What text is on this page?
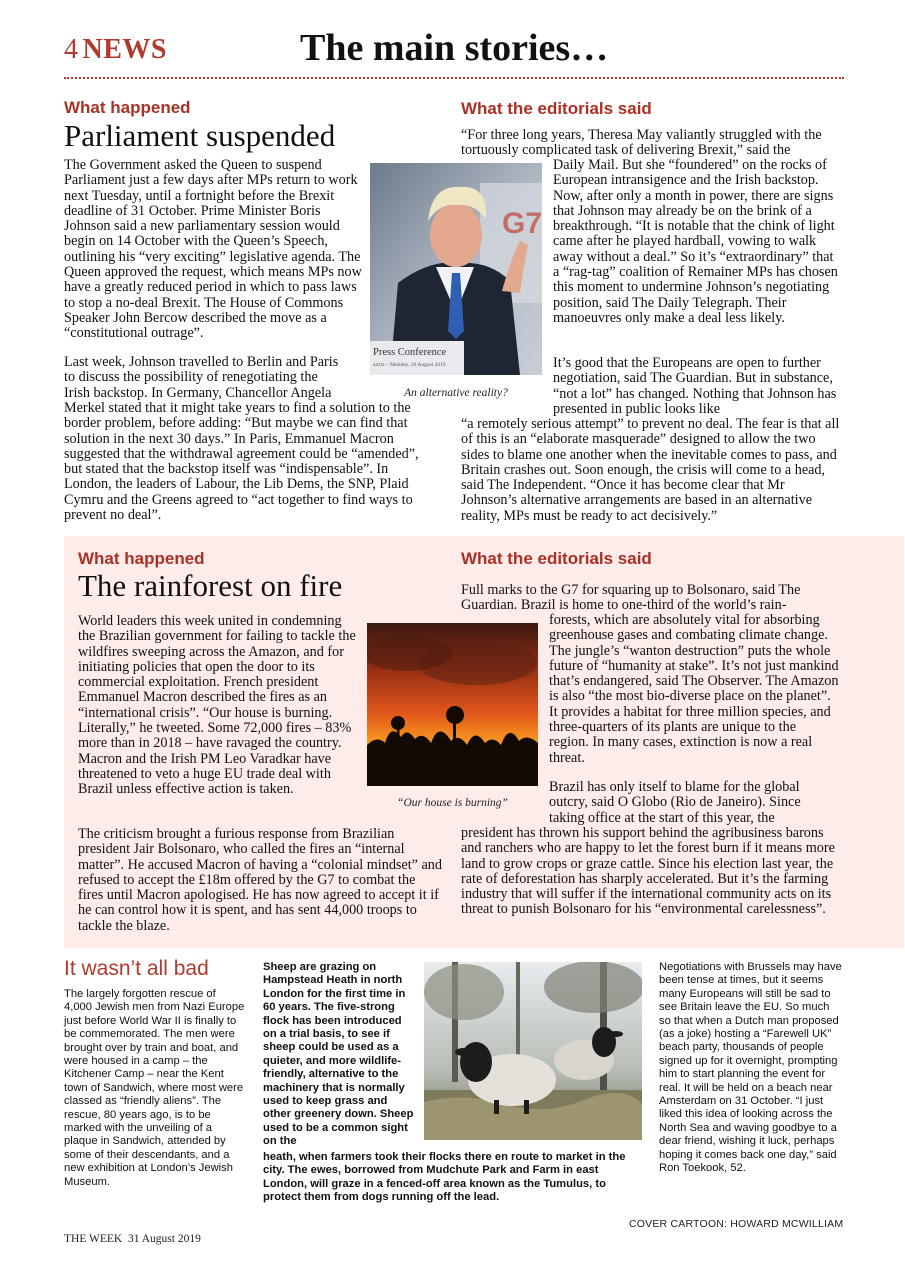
4 NEWS	The main stories…
What happened
Parliament suspended

The Government asked the Queen to suspend Parliament just a few days after MPs return to work next Tuesday, until a fortnight before the Brexit deadline of 31 October. Prime Minister Boris Johnson said a new parliamentary session would begin on 14 October with the Queen’s Speech, outlining his “very exciting” legislative agenda. The Queen approved the request, which means MPs now have a greatly reduced period in which to pass laws to stop a no-deal Brexit. The House of Commons Speaker John Bercow described the move as a “constitutional outrage”.

Last week, Johnson travelled to Berlin and Paris to discuss the possibility of renegotiating the Irish backstop. In Germany, Chancellor Angela

Merkel stated that it might take years to find a solution to the border problem, before adding: “But maybe we can find that solution in the next 30 days.” In Paris, Emmanuel Macron suggested that the withdrawal agreement could be “amended”, but stated that the backstop itself was “indispensable”. In London, the leaders of Labour, the Lib Dems, the SNP, Plaid Cymru and the Greens agreed to “act together to find ways to prevent no deal”.

G7
Press Conference
arritz – Monday, 26 August 2019
An alternative reality?
What the editorials said

“For three long years, Theresa May valiantly struggled with the tortuously complicated task of delivering Brexit,” said the

Daily Mail. But she “foundered” on the rocks of European intransigence and the Irish backstop. Now, after only a month in power, there are signs that Johnson may already be on the brink of a breakthrough. “It is notable that the chink of light came after he played hardball, vowing to walk away without a deal.” So it’s “extraordinary” that a “rag-tag” coalition of Remainer MPs has chosen this moment to undermine Johnson’s negotiating position, said The Daily Telegraph. Their manoeuvres only make a deal less likely.

It’s good that the Europeans are open to further negotiation, said The Guardian. But in substance, “not a lot” has changed. Nothing that Johnson has presented in public looks like

“a remotely serious attempt” to prevent no deal. The fear is that all of this is an “elaborate masquerade” designed to allow the two sides to blame one another when the inevitable comes to pass, and Britain crashes out. Soon enough, the crisis will come to a head, said The Independent. “Once it has become clear that Mr Johnson’s alternative arrangements are based in an alternative reality, MPs must be ready to act decisively.”

What happened
The rainforest on fire

World leaders this week united in condemning the Brazilian government for failing to tackle the wildfires sweeping across the Amazon, and for initiating policies that open the door to its commercial exploitation. French president Emmanuel Macron described the fires as an “international crisis”. “Our house is burning. Literally,” he tweeted. Some 72,000 fires – 83% more than in 2018 – have ravaged the country. Macron and the Irish PM Leo Varadkar have threatened to veto a huge EU trade deal with Brazil unless effective action is taken.

The criticism brought a furious response from Brazilian president Jair Bolsonaro, who called the fires an “internal matter”. He accused Macron of having a “colonial mindset” and refused to accept the £18m offered by the G7 to combat the fires until Macron apologised. He has now agreed to accept it if he can control how it is spent, and has sent 44,000 troops to tackle the blaze.

“Our house is burning”
What the editorials said

Full marks to the G7 for squaring up to Bolsonaro, said The Guardian. Brazil is home to one-third of the world’s rain-

forests, which are absolutely vital for absorbing greenhouse gases and combating climate change. The jungle’s “wanton destruction” puts the whole future of “humanity at stake”. It’s not just mankind that’s endangered, said The Observer. The Amazon is also “the most bio-diverse place on the planet”. It provides a habitat for three million species, and three-quarters of its plants are unique to the region. In many cases, extinction is now a real threat.

Brazil has only itself to blame for the global outcry, said O Globo (Rio de Janeiro). Since taking office at the start of this year, the

president has thrown his support behind the agribusiness barons and ranchers who are happy to let the forest burn if it means more land to grow crops or graze cattle. Since his election last year, the rate of deforestation has sharply accelerated. But it’s the farming industry that will suffer if the international community acts on its threat to punish Bolsonaro for his “environmental carelessness”.

It wasn’t all bad

The largely forgotten rescue of 4,000 Jewish men from Nazi Europe just before World War II is finally to be commemorated. The men were brought over by train and boat, and were housed in a camp – the Kitchener Camp – near the Kent town of Sandwich, where most were classed as “friendly aliens”. The rescue, 80 years ago, is to be marked with the unveiling of a plaque in Sandwich, attended by some of their descendants, and a new exhibition at London’s Jewish Museum.

Sheep are grazing on Hampstead Heath in north London for the first time in 60 years. The five-strong flock has been introduced on a trial basis, to see if sheep could be used as a quieter, and more wildlife-friendly, alternative to the machinery that is normally used to keep grass and other greenery down. Sheep used to be a common sight on the

heath, when farmers took their flocks there en route to market in the city. The ewes, borrowed from Mudchute Park and Farm in east London, will graze in a fenced-off area known as the Tumulus, to protect them from dogs running off the lead.

Negotiations with Brussels may have been tense at times, but it seems many Europeans will still be sad to see Britain leave the EU. So much so that when a Dutch man proposed (as a joke) hosting a “Farewell UK” beach party, thousands of people signed up for it overnight, prompting him to start planning the event for real. It will be held on a beach near Amsterdam on 31 October. “I just liked this idea of looking across the North Sea and waving goodbye to a dear friend, wishing it luck, perhaps hoping it comes back one day,” said Ron Toekook, 52.

COVER CARTOON: HOWARD MCWILLIAM
THE WEEK  31 August 2019
